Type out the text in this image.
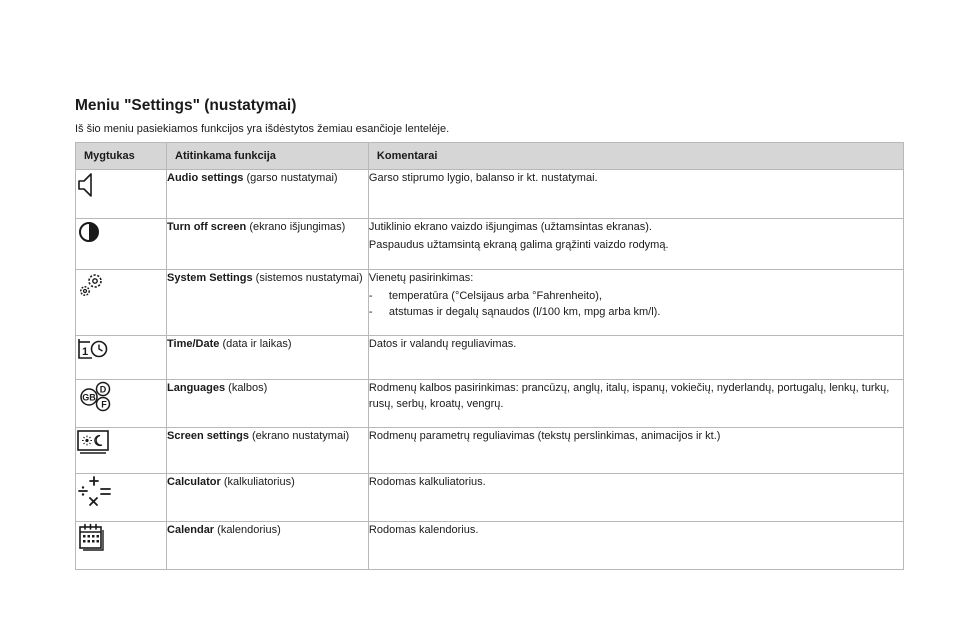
Meniu "Settings" (nustatymai)

Iš šio meniu pasiekiamos funkcijos yra išdėstytos žemiau esančioje lentelėje.

Mygtukas	Atitinkama funkcija	Komentarai
	Audio settings (garso nustatymai)	Garso stiprumo lygio, balanso ir kt. nustatymai.

	Turn off screen (ekrano išjungimas)	Jutiklinio ekrano vaizdo išjungimas (užtamsintas ekranas).

Paspaudus užtamsintą ekraną galima grąžinti vaizdo rodymą.

	System Settings (sistemos nustatymai)	Vienetų pasirinkimas:

- temperatūra (°Celsijaus arba °Fahrenheito),
- atstumas ir degalų sąnaudos (l/100 km, mpg arba km/l).

1	Time/Date (data ir laikas)	Datos ir valandų reguliavimas.

D
GB
F	Languages (kalbos)	Rodmenų kalbos pasirinkimas: prancūzų, anglų, italų, ispanų, vokiečių, nyderlandų, portugalų, lenkų, turkų, rusų, serbų, kroatų, vengrų.

	Screen settings (ekrano nustatymai)	Rodmenų parametrų reguliavimas (tekstų perslinkimas, animacijos ir kt.)

	Calculator (kalkuliatorius)	Rodomas kalkuliatorius.

	Calendar (kalendorius)	Rodomas kalendorius.
